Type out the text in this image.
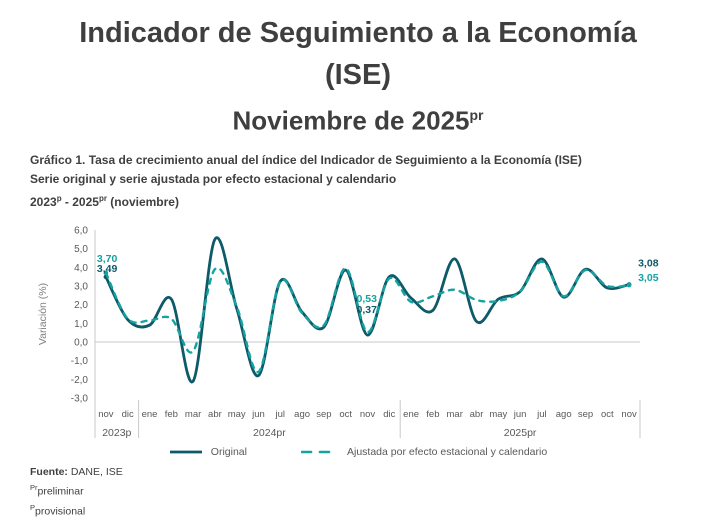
Indicador de Seguimiento a la Economía
(ISE)
Noviembre de $2025^{pr}$
Gráfico 1. Tasa de crecimiento anual del índice del Indicador de Seguimiento a la Economía (ISE)
Serie original y serie ajustada por efecto estacional y calendario
$2023^p - 2025^{pr}$ (noviembre)
6,0
5,0
4,0
3,0
2,0
1,0
0,0
-1,0
-2,0
-3,0
Variación (%)
nov dic ene feb mar abr may jun jul ago sep oct nov dic ene feb mar abr may jun jul ago sep oct nov
2023p	2024pr	2025pr
3,70
3,49
0,53
0,37
3,08
3,05
Original	Ajustada por efecto estacional y calendario
Fuente: DANE, ISE
$^{Pr}$preliminar
$^P$provisional
